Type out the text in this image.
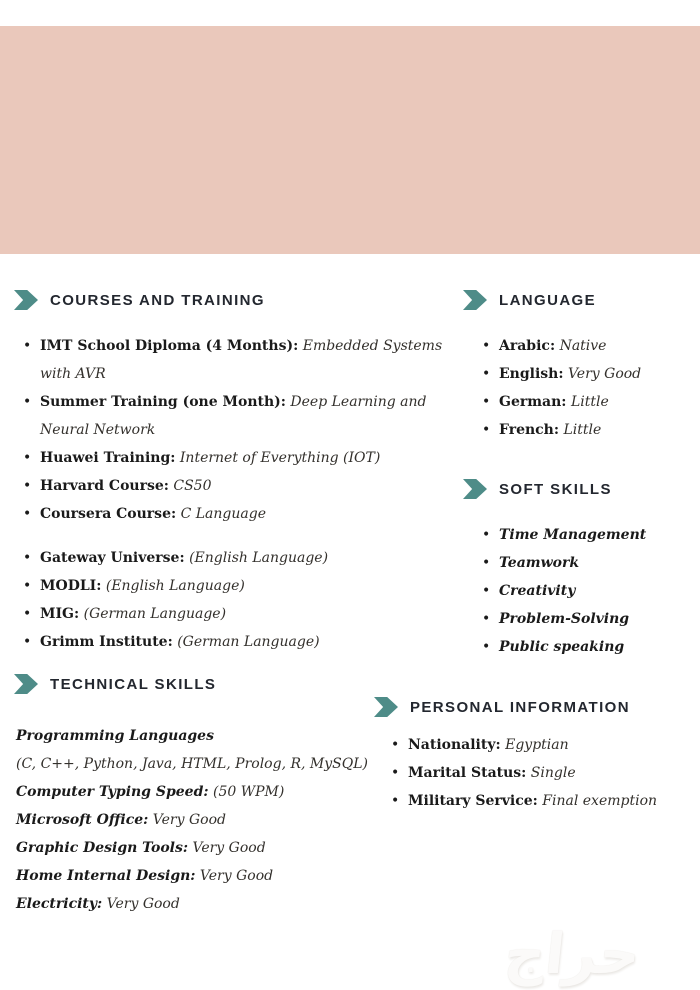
COURSES AND TRAINING
• IMT School Diploma (4 Months): Embedded Systems with AVR
• Summer Training (one Month): Deep Learning and Neural Network
• Huawei Training: Internet of Everything (IOT)
• Harvard Course: CS50
• Coursera Course: C Language
• Gateway Universe: (English Language)
• MODLI: (English Language)
• MIG: (German Language)
• Grimm Institute: (German Language)
TECHNICAL SKILLS
Programming Languages
(C, C++, Python, Java, HTML, Prolog, R, MySQL)
Computer Typing Speed: (50 WPM)
Microsoft Office: Very Good
Graphic Design Tools: Very Good
Home Internal Design: Very Good
Electricity: Very Good
LANGUAGE
• Arabic: Native
• English: Very Good
• German: Little
• French: Little
SOFT SKILLS
• Time Management
• Teamwork
• Creativity
• Problem-Solving
• Public speaking
PERSONAL INFORMATION
• Nationality: Egyptian
• Marital Status: Single
• Military Service: Final exemption
حراج
